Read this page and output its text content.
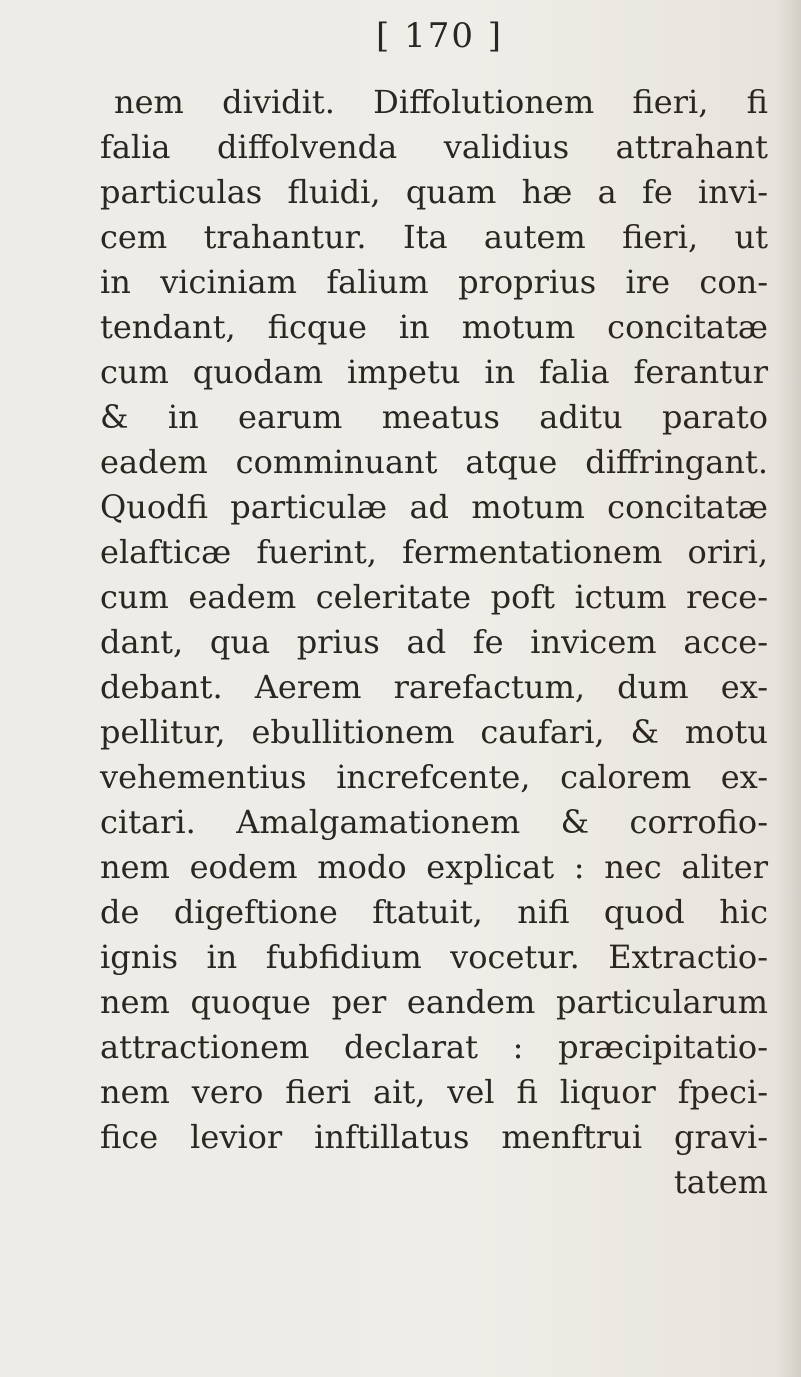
[ 170 ]
nem dividit. Diffolutionem fieri, fi
falia diffolvenda validius attrahant
particulas fluidi, quam hæ a fe invi-
cem trahantur. Ita autem fieri, ut
in viciniam falium proprius ire con-
tendant, ficque in motum concitatæ
cum quodam impetu in falia ferantur
& in earum meatus aditu parato
eadem comminuant atque diffringant.
Quodfi particulæ ad motum concitatæ
elafticæ fuerint, fermentationem oriri,
cum eadem celeritate poft ictum rece-
dant, qua prius ad fe invicem acce-
debant. Aerem rarefactum, dum ex-
pellitur, ebullitionem caufari, & motu
vehementius increfcente, calorem ex-
citari. Amalgamationem & corrofio-
nem eodem modo explicat : nec aliter
de digeftione ftatuit, nifi quod hic
ignis in fubfidium vocetur. Extractio-
nem quoque per eandem particularum
attractionem declarat : præcipitatio-
nem vero fieri ait, vel fi liquor fpeci-
fice levior inftillatus menftrui gravi-
tatem
